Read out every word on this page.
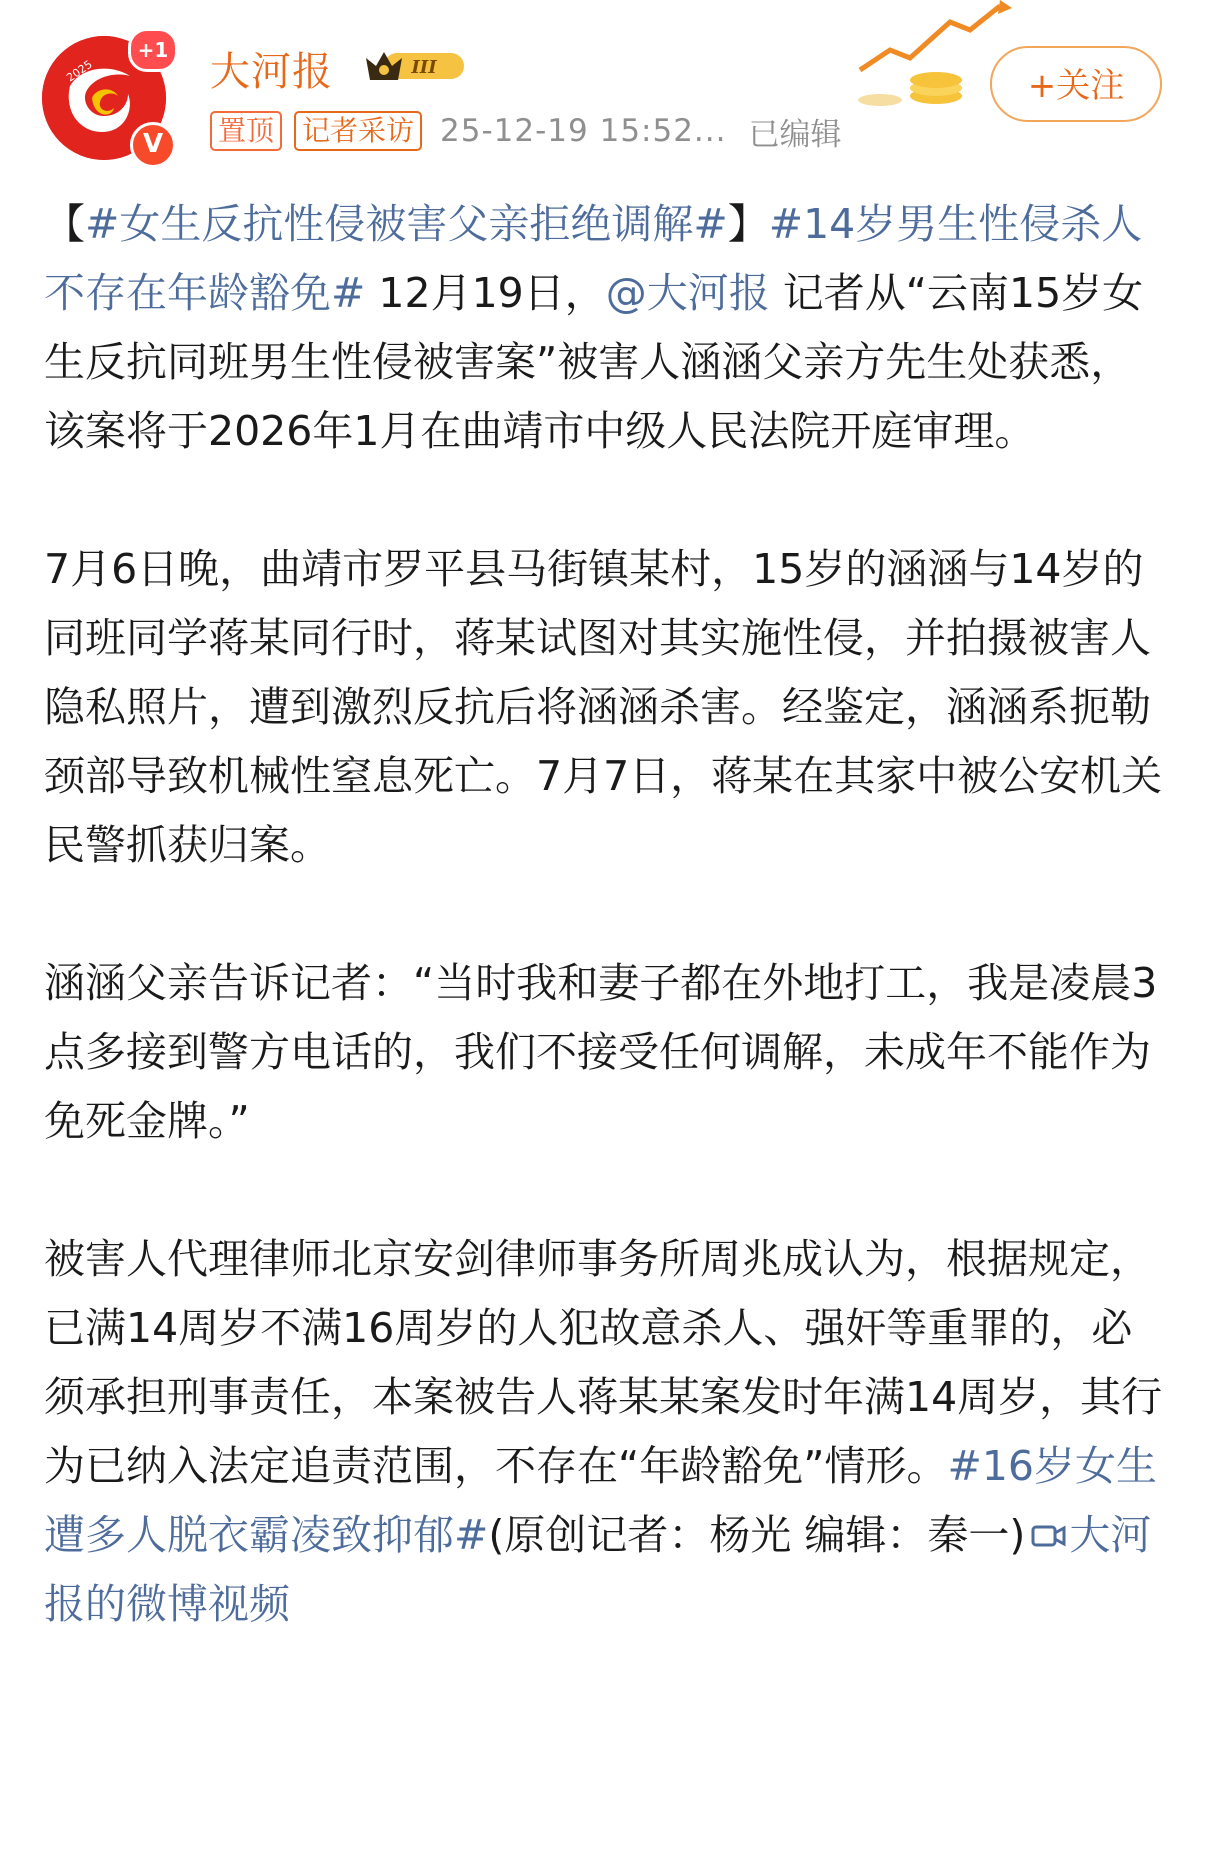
2025
+1
V
大河报	III
置顶 记者采访 25-12-19 15:52... 已编辑
+关注

【#女生反抗性侵被害父亲拒绝调解#】#14岁男生性侵杀人不存在年龄豁免# 12月19日，@大河报 记者从“云南15岁女生反抗同班男生性侵被害案”被害人涵涵父亲方先生处获悉，该案将于2026年1月在曲靖市中级人民法院开庭审理。

7月6日晚，曲靖市罗平县马街镇某村，15岁的涵涵与14岁的同班同学蒋某同行时，蒋某试图对其实施性侵，并拍摄被害人隐私照片，遭到激烈反抗后将涵涵杀害。经鉴定，涵涵系扼勒颈部导致机械性窒息死亡。7月7日，蒋某在其家中被公安机关民警抓获归案。

涵涵父亲告诉记者：“当时我和妻子都在外地打工，我是凌晨3点多接到警方电话的，我们不接受任何调解，未成年不能作为免死金牌。”

被害人代理律师北京安剑律师事务所周兆成认为，根据规定，已满14周岁不满16周岁的人犯故意杀人、强奸等重罪的，必须承担刑事责任，本案被告人蒋某某案发时年满14周岁，其行为已纳入法定追责范围，不存在“年龄豁免”情形。#16岁女生遭多人脱衣霸凌致抑郁#(原创记者：杨光 编辑：秦一) 大河报的微博视频
